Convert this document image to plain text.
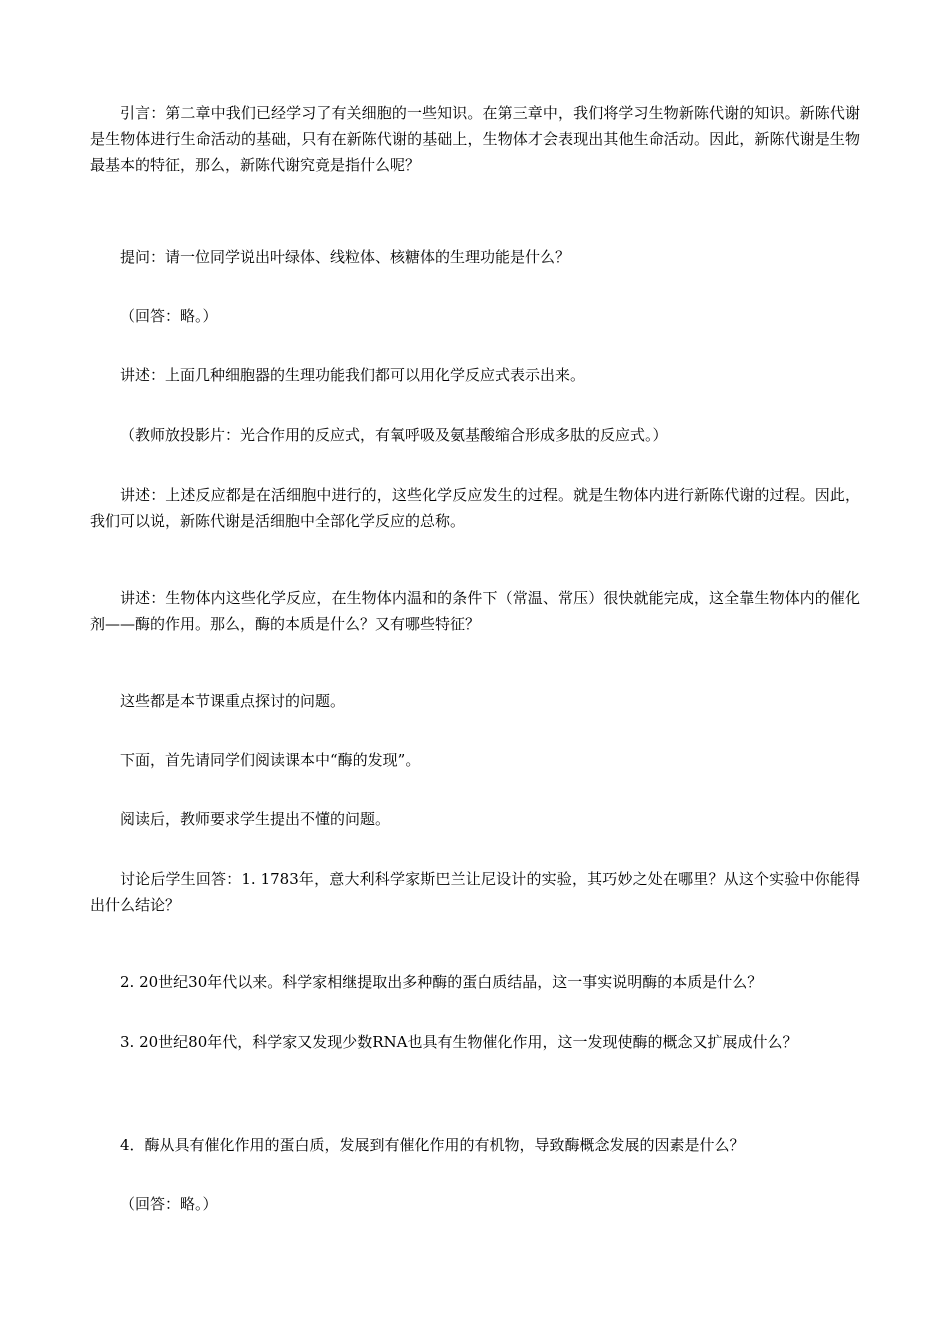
引言：第二章中我们已经学习了有关细胞的一些知识。在第三章中，我们将学习生物新陈代谢的知识。新陈代谢是生物体进行生命活动的基础，只有在新陈代谢的基础上，生物体才会表现出其他生命活动。因此，新陈代谢是生物最基本的特征，那么，新陈代谢究竟是指什么呢？

提问：请一位同学说出叶绿体、线粒体、核糖体的生理功能是什么？

（回答：略。）

讲述：上面几种细胞器的生理功能我们都可以用化学反应式表示出来。

（教师放投影片：光合作用的反应式，有氧呼吸及氨基酸缩合形成多肽的反应式。）

讲述：上述反应都是在活细胞中进行的，这些化学反应发生的过程。就是生物体内进行新陈代谢的过程。因此，我们可以说，新陈代谢是活细胞中全部化学反应的总称。

讲述：生物体内这些化学反应，在生物体内温和的条件下（常温、常压）很快就能完成，这全靠生物体内的催化剂——酶的作用。那么，酶的本质是什么？又有哪些特征？

这些都是本节课重点探讨的问题。

下面，首先请同学们阅读课本中“酶的发现”。

阅读后，教师要求学生提出不懂的问题。

讨论后学生回答：1. 1783年，意大利科学家斯巴兰让尼设计的实验，其巧妙之处在哪里？从这个实验中你能得出什么结论？

2. 20世纪30年代以来。科学家相继提取出多种酶的蛋白质结晶，这一事实说明酶的本质是什么？

3. 20世纪80年代，科学家又发现少数RNA也具有生物催化作用，这一发现使酶的概念又扩展成什么？

4．酶从具有催化作用的蛋白质，发展到有催化作用的有机物，导致酶概念发展的因素是什么？

（回答：略。）
